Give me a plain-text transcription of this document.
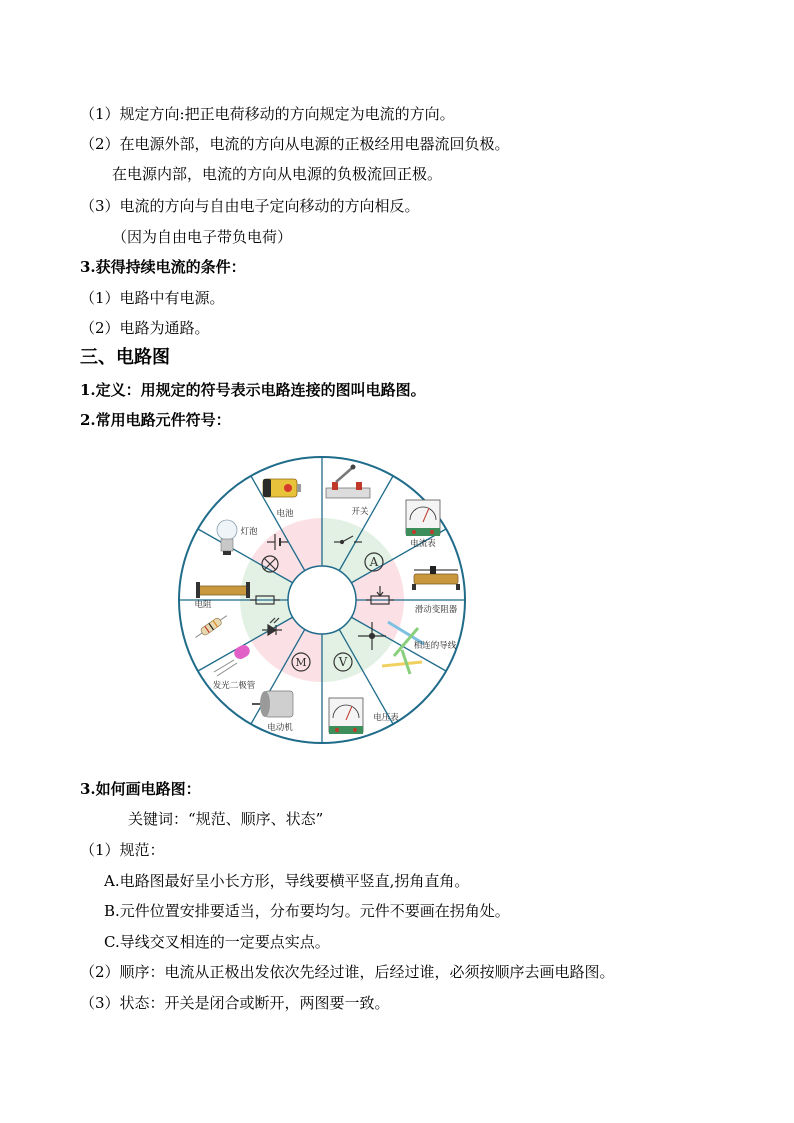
（1）规定方向:把正电荷移动的方向规定为电流的方向。
（2）在电源外部，电流的方向从电源的正极经用电器流回负极。
在电源内部，电流的方向从电源的负极流回正极。
（3）电流的方向与自由电子定向移动的方向相反。
（因为自由电子带负电荷）
3.获得持续电流的条件：
（1）电路中有电源。
（2）电路为通路。
三、电路图
1.定义：用规定的符号表示电路连接的图叫电路图。
2.常用电路元件符号：
A
V
M
电池	开关
电流表
滑动变阻器
相连的导线
电压表
电动机
发光二极管
电阻
灯泡
3.如何画电路图：
关键词：“规范、顺序、状态”
（1）规范：
A.电路图最好呈小长方形，导线要横平竖直,拐角直角。
B.元件位置安排要适当，分布要均匀。元件不要画在拐角处。
C.导线交叉相连的一定要点实点。
（2）顺序：电流从正极出发依次先经过谁，后经过谁，必须按顺序去画电路图。
（3）状态：开关是闭合或断开，两图要一致。
